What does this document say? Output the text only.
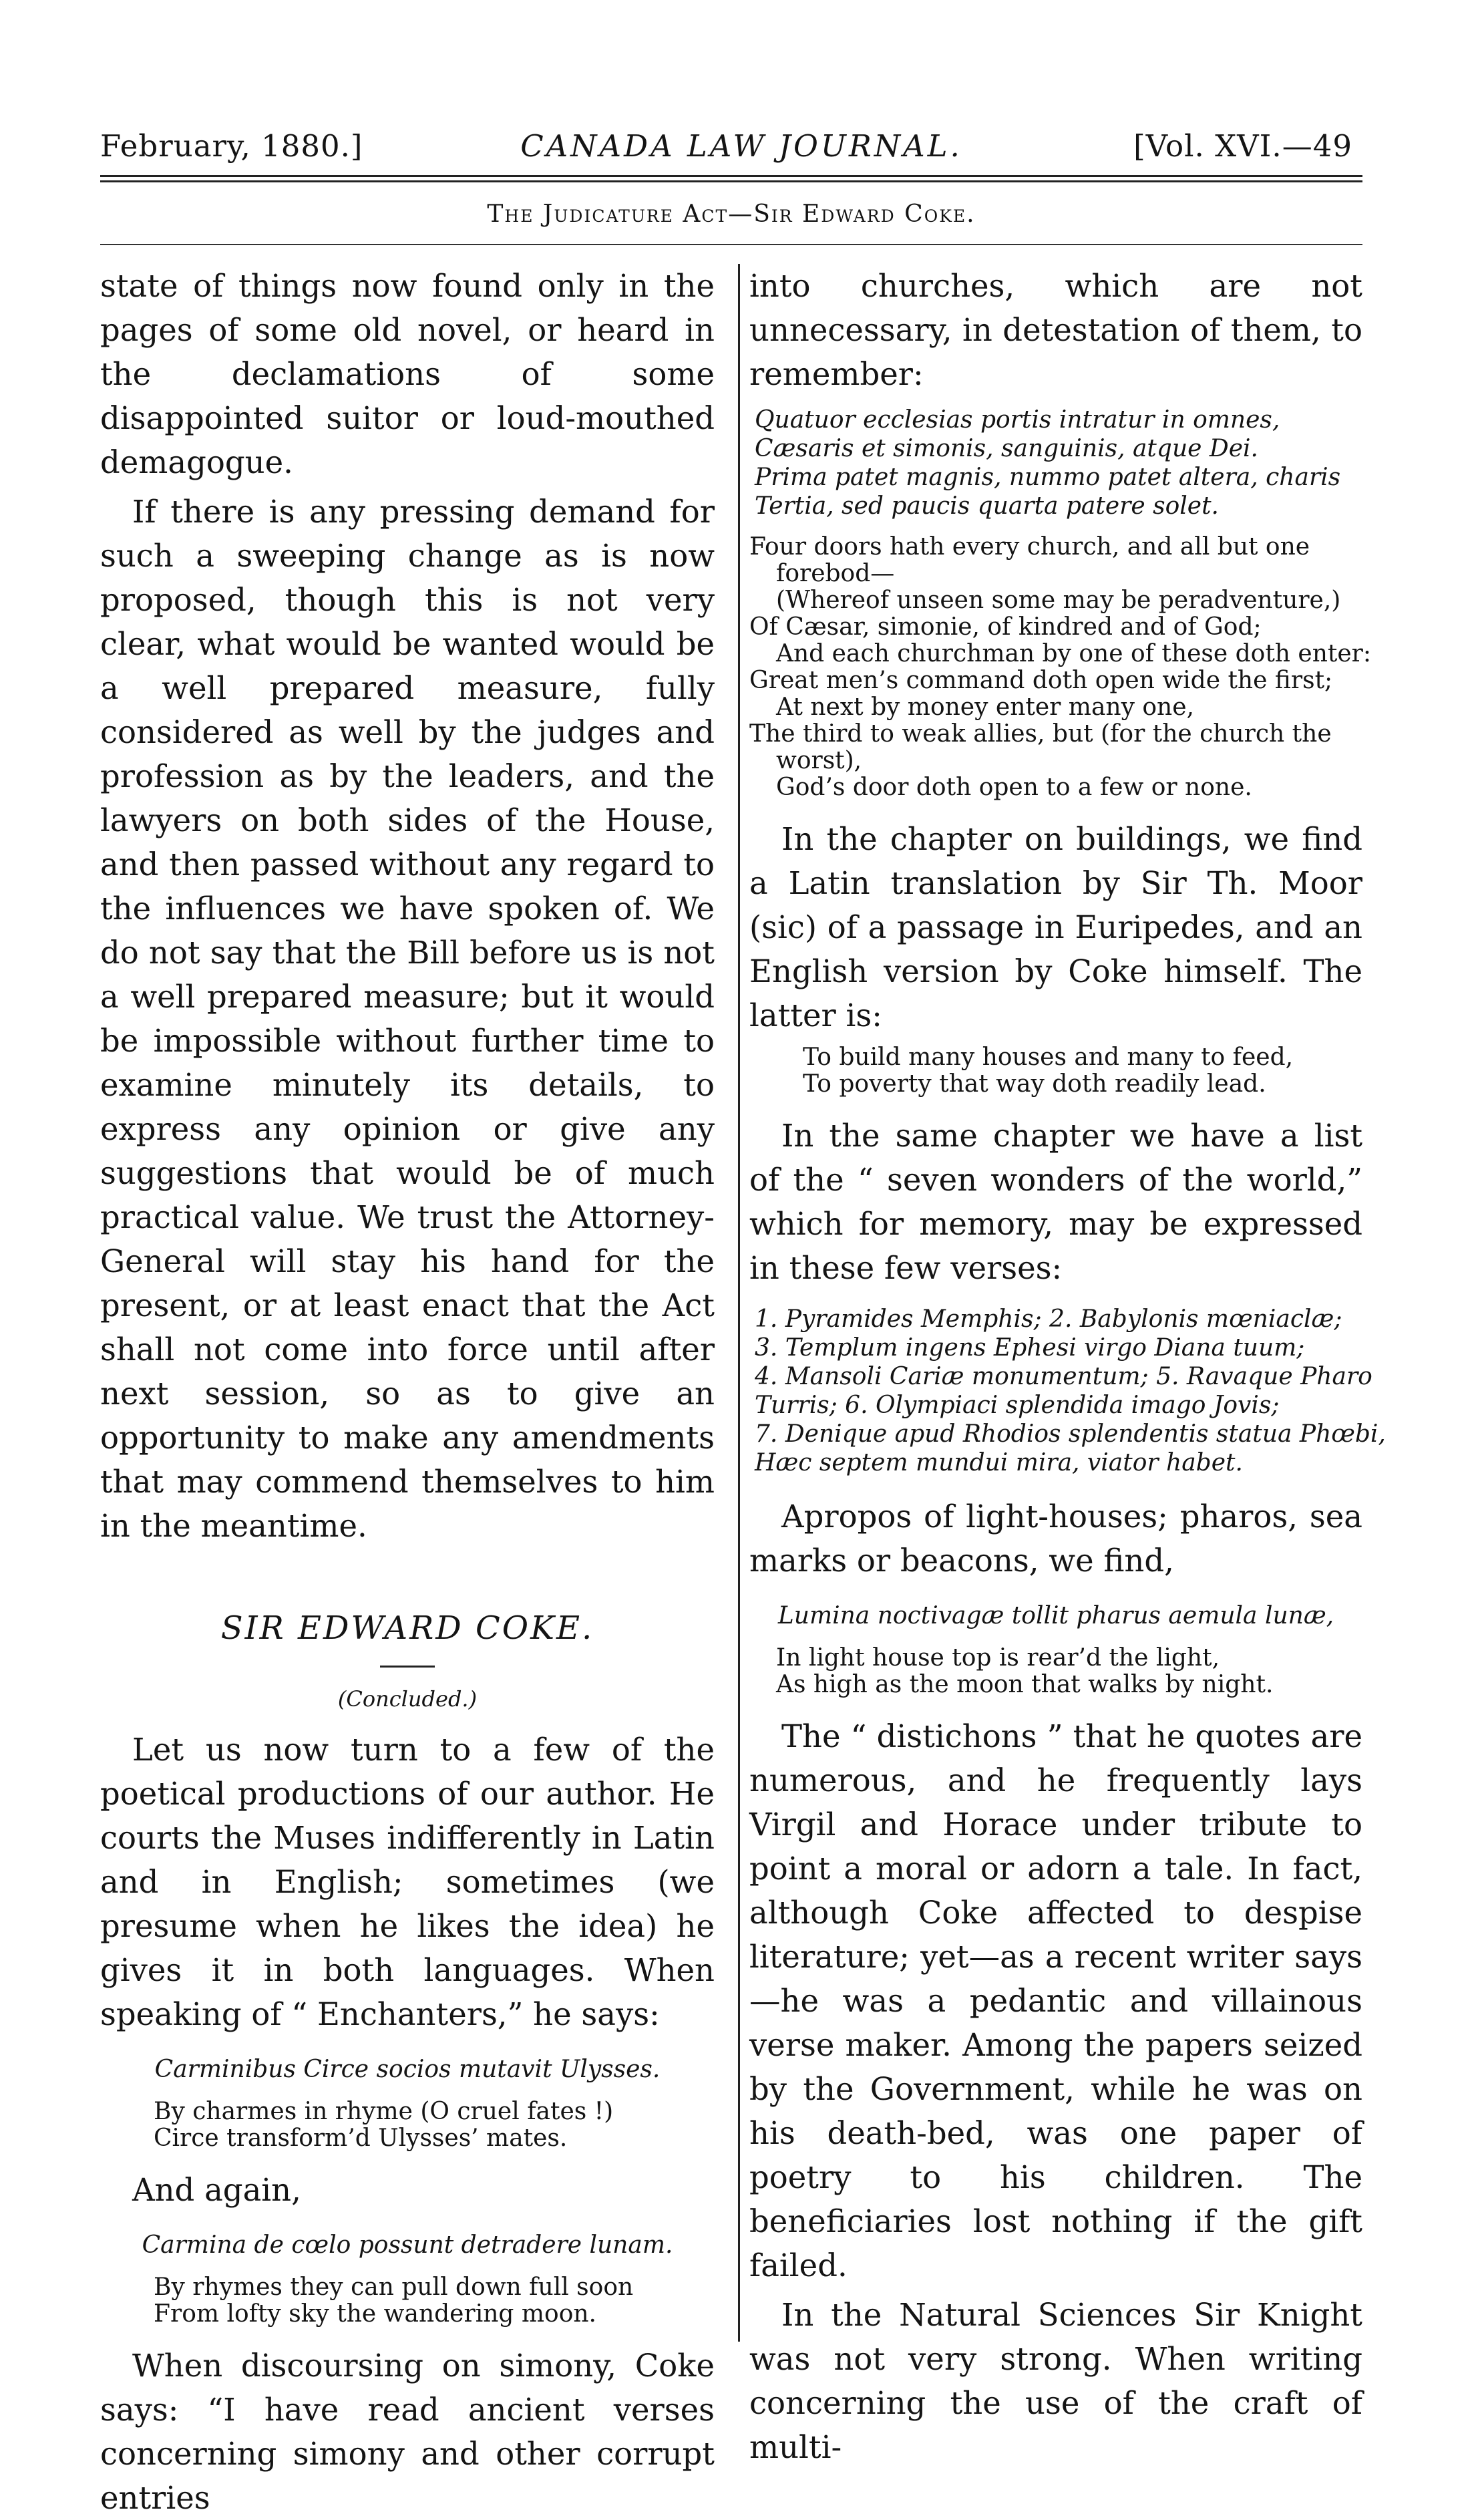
February, 1880.]	CANADA LAW JOURNAL.	[Vol. XVI.—49
The Judicature Act—Sir Edward Coke.

state of things now found only in the pages of some old novel, or heard in the declamations of some disappointed suitor or loud-mouthed demagogue.

If there is any pressing demand for such a sweeping change as is now proposed, though this is not very clear, what would be wanted would be a well prepared measure, fully considered as well by the judges and profession as by the leaders, and the lawyers on both sides of the House, and then passed without any regard to the influences we have spoken of. We do not say that the Bill before us is not a well prepared measure; but it would be impossible without further time to examine minutely its details, to express any opinion or give any suggestions that would be of much practical value. We trust the Attorney-General will stay his hand for the present, or at least enact that the Act shall not come into force until after next session, so as to give an opportunity to make any amendments that may commend themselves to him in the meantime.

SIR EDWARD COKE.
(Concluded.)

Let us now turn to a few of the poetical productions of our author. He courts the Muses indifferently in Latin and in English; sometimes (we presume when he likes the idea) he gives it in both languages. When speaking of “ Enchanters,” he says:

Carminibus Circe socios mutavit Ulysses.
By charmes in rhyme (O cruel fates !)
Circe transform’d Ulysses’ mates.

And again,

Carmina de cœlo possunt detradere lunam.
By rhymes they can pull down full soon
From lofty sky the wandering moon.

When discoursing on simony, Coke says: “I have read ancient verses concerning simony and other corrupt entries

into churches, which are not unnecessary, in detestation of them, to remember:

Quatuor ecclesias portis intratur in omnes,
Cæsaris et simonis, sanguinis, atque Dei.
Prima patet magnis, nummo patet altera, charis
Tertia, sed paucis quarta patere solet.
Four doors hath every church, and all but one
forebod—
(Whereof unseen some may be peradventure,)
Of Cæsar, simonie, of kindred and of God;
And each churchman by one of these doth enter:
Great men’s command doth open wide the first;
At next by money enter many one,
The third to weak allies, but (for the church the
worst),
God’s door doth open to a few or none.

In the chapter on buildings, we find a Latin translation by Sir Th. Moor (sic) of a passage in Euripedes, and an English version by Coke himself. The latter is:

To build many houses and many to feed,
To poverty that way doth readily lead.

In the same chapter we have a list of the “ seven wonders of the world,” which for memory, may be expressed in these few verses:

1. Pyramides Memphis; 2. Babylonis mœniaclæ;
3. Templum ingens Ephesi virgo Diana tuum;
4. Mansoli Cariæ monumentum; 5. Ravaque Pharo
Turris; 6. Olympiaci splendida imago Jovis;
7. Denique apud Rhodios splendentis statua Phœbi,
Hæc septem mundui mira, viator habet.

Apropos of light-houses; pharos, sea marks or beacons, we find,

Lumina noctivagæ tollit pharus aemula lunæ,
In light house top is rear’d the light,
As high as the moon that walks by night.

The “ distichons ” that he quotes are numerous, and he frequently lays Virgil and Horace under tribute to point a moral or adorn a tale. In fact, although Coke affected to despise literature; yet—as a recent writer says—he was a pedantic and villainous verse maker. Among the papers seized by the Government, while he was on his death-bed, was one paper of poetry to his children. The beneficiaries lost nothing if the gift failed.

In the Natural Sciences Sir Knight was not very strong. When writing concerning the use of the craft of multi-
